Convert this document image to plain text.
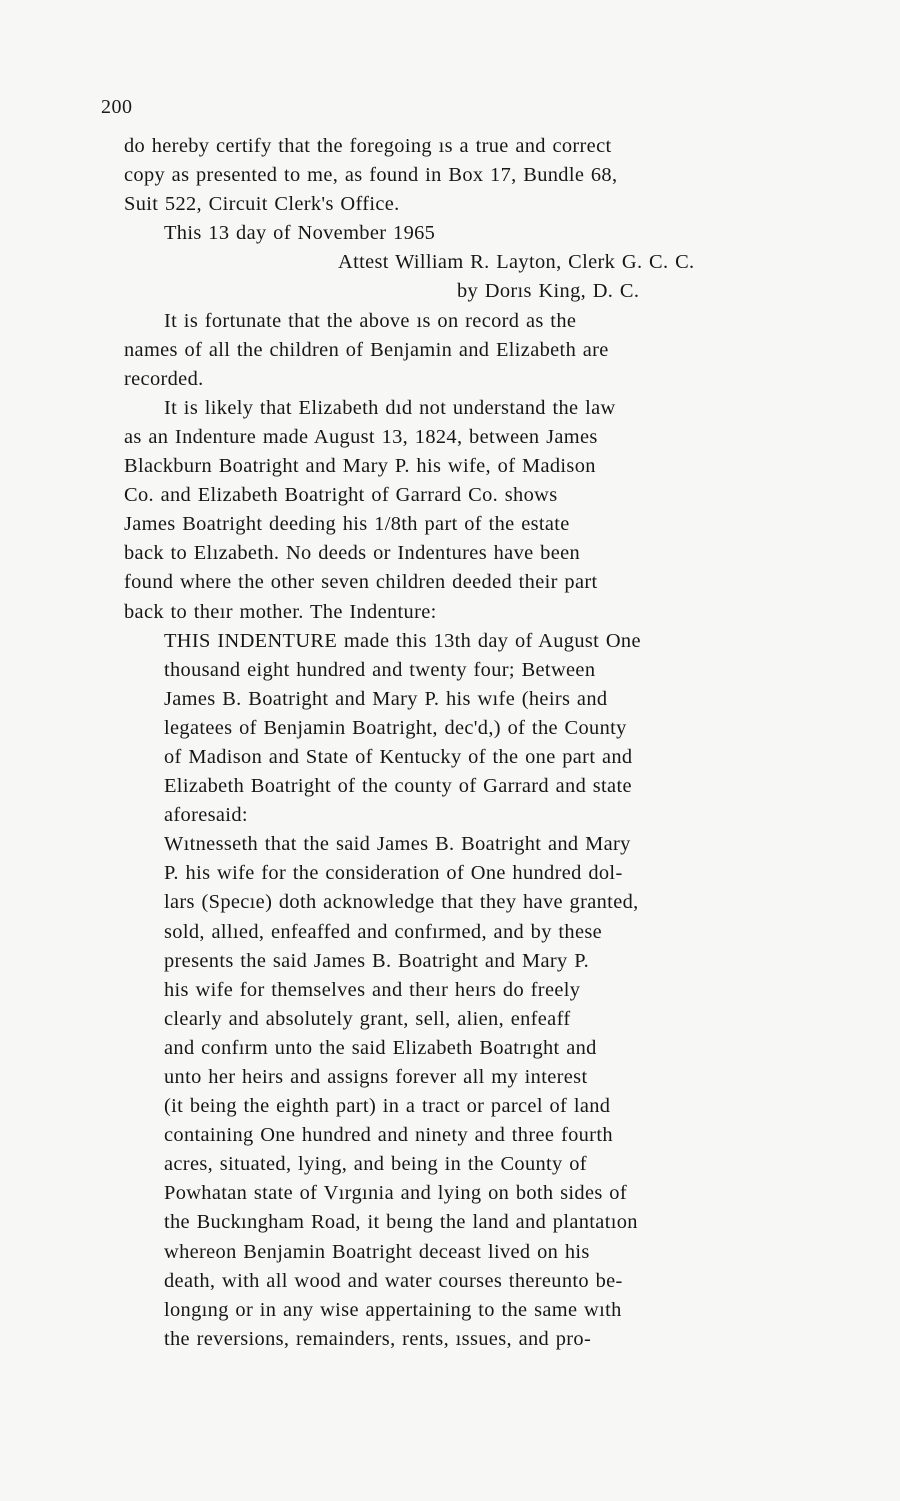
200
do hereby certify that the foregoing ıs a true and correct
copy as presented to me, as found in Box 17, Bundle 68,
Suit 522, Circuit Clerk's Office.
This 13 day of November 1965
Attest William R. Layton, Clerk G. C. C.
by Dorıs King, D. C.
It is fortunate that the above ıs on record as the
names of all the children of Benјamin and Elizabeth are
recorded.
It is likely that Elizabeth dıd not understand the law
as an Indenture made August 13, 1824, between James
Blackburn Boatright and Mary P. his wife, of Madison
Co. and Elizabeth Boatright of Garrard Co. shows
James Boatright deeding his 1/8th part of the estate
back to Elızabeth. No deeds or Indentures have been
found where the other seven children deeded their part
back to theır mother. The Indenture:
THIS INDENTURE made this 13th day of August One
thousand eight hundred and twenty four; Between
James B. Boatright and Mary P. his wıfe (heirs and
legatees of Benjamin Boatright, dec'd,) of the County
of Madison and State of Kentucky of the one part and
Elizabeth Boatright of the county of Garrard and state
aforesaid:
Wıtnesseth that the said James B. Boatright and Mary
P. his wife for the consideration of One hundred dol-
lars (Specıe) doth acknowledge that they have granted,
sold, allıed, enfeaffed and confırmed, and by these
presents the said James B. Boatright and Mary P.
his wife for themselves and theır heırs do freely
clearly and absolutely grant, sell, alien, enfeaff
and confırm unto the said Elizabeth Boatrıght and
unto her heirs and assigns forever all my interest
(it being the eighth part) in a tract or parcel of land
containing One hundred and ninety and three fourth
acres, situated, lying, and being in the County of
Powhatan state of Vırgınia and lying on both sides of
the Buckıngham Road, it beıng the land and plantatıon
whereon Benjamin Boatright deceast lived on his
death, with all wood and water courses thereunto be-
longıng or in any wise appertaining to the same wıth
the reversions, remainders, rents, ıssues, and pro-
